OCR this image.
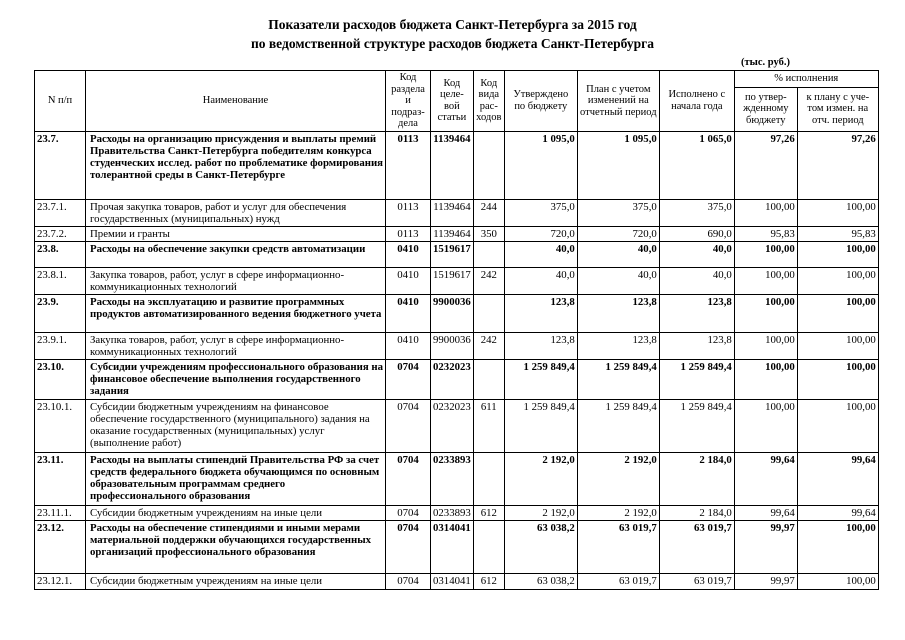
Показатели расходов бюджета Санкт-Петербурга за 2015 год
по ведомственной структуре расходов бюджета Санкт-Петербурга
(тыс. руб.)
N п/п	Наименование	Код раздела и подраз-дела	Код целе-вой статьи	Код вида рас-ходов	Утверждено по бюджету	План с учетом изменений на отчетный период	Исполнено с начала года	% исполнения	
								по утвер-жденному бюджету	к плану с уче-том измен. на отч. период
23.7.	Расходы на организацию присуждения и выплаты премий Правительства Санкт-Петербурга победителям конкурса студенческих исслед. работ по проблематике формирования толерантной среды в Санкт-Петербурге	0113	1139464		1 095,0	1 095,0	1 065,0	97,26	97,26
23.7.1.	Прочая закупка товаров, работ и услуг для обеспечения государственных (муниципальных) нужд	0113	1139464	244	375,0	375,0	375,0	100,00	100,00
23.7.2.	Премии и гранты	0113	1139464	350	720,0	720,0	690,0	95,83	95,83
23.8.	Расходы на обеспечение закупки средств автоматизации	0410	1519617		40,0	40,0	40,0	100,00	100,00
23.8.1.	Закупка товаров, работ, услуг в сфере информационно-коммуникационных технологий	0410	1519617	242	40,0	40,0	40,0	100,00	100,00
23.9.	Расходы на эксплуатацию и развитие программных продуктов автоматизированного ведения бюджетного учета	0410	9900036		123,8	123,8	123,8	100,00	100,00
23.9.1.	Закупка товаров, работ, услуг в сфере информационно-коммуникационных технологий	0410	9900036	242	123,8	123,8	123,8	100,00	100,00
23.10.	Субсидии учреждениям профессионального образования на финансовое обеспечение выполнения государственного задания	0704	0232023		1 259 849,4	1 259 849,4	1 259 849,4	100,00	100,00
23.10.1.	Субсидии бюджетным учреждениям на финансовое обеспечение государственного (муниципального) задания на оказание государственных (муниципальных) услуг (выполнение работ)	0704	0232023	611	1 259 849,4	1 259 849,4	1 259 849,4	100,00	100,00
23.11.	Расходы на выплаты стипендий Правительства РФ за счет средств федерального бюджета обучающимся по основным образовательным программам среднего профессионального образования	0704	0233893		2 192,0	2 192,0	2 184,0	99,64	99,64
23.11.1.	Субсидии бюджетным учреждениям на иные цели	0704	0233893	612	2 192,0	2 192,0	2 184,0	99,64	99,64
23.12.	Расходы на обеспечение стипендиями и иными мерами материальной поддержки обучающихся государственных организаций профессионального образования	0704	0314041		63 038,2	63 019,7	63 019,7	99,97	100,00
23.12.1.	Субсидии бюджетным учреждениям на иные цели	0704	0314041	612	63 038,2	63 019,7	63 019,7	99,97	100,00
